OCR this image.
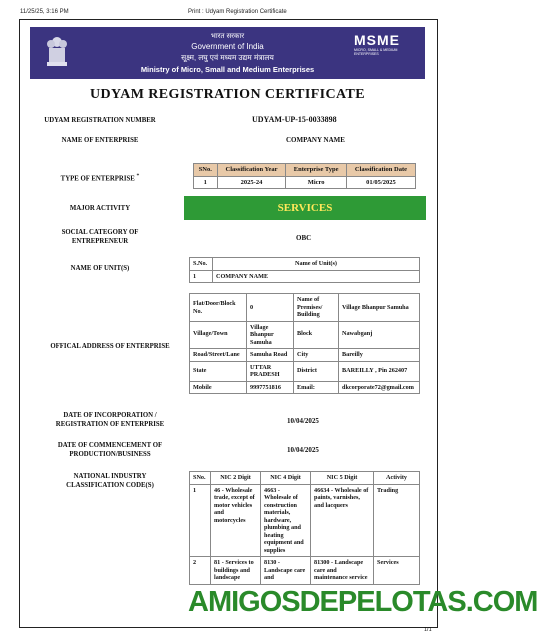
11/25/25, 3:16 PM	Print : Udyam Registration Certificate
भारत सरकार
Government of India
सूक्ष्म, लघु एवं मध्यम उद्यम मंत्रालय
Ministry of Micro, Small and Medium Enterprises
MSME
MICRO, SMALL & MEDIUM ENTERPRISES
UDYAM REGISTRATION CERTIFICATE
UDYAM REGISTRATION NUMBER	UDYAM-UP-15-0033898
NAME OF ENTERPRISE	COMPANY NAME
TYPE OF ENTERPRISE *
SNo.	Classification Year	Enterprise Type	Classification Date
1	2025-24	Micro	01/05/2025
MAJOR ACTIVITY	SERVICES
SOCIAL CATEGORY OF
ENTREPRENEUR	OBC
NAME OF UNIT(S)
S.No.	Name of Unit(s)
1	COMPANY NAME
OFFICAL ADDRESS OF ENTERPRISE
Flat/Door/Block No.	0	Name of Premises/ Building	Village Bhanpur Samuha
Village/Town	Village Bhanpur Samuha	Block	Nawabganj
Road/Street/Lane	Samuha Road	City	Bareilly
State	UTTAR PRADESH	District	BAREILLY , Pin 262407
Mobile	9997751816	Email:	dkcorporate72@gmail.com
DATE OF INCORPORATION /
REGISTRATION OF ENTERPRISE	10/04/2025
DATE OF COMMENCEMENT OF
PRODUCTION/BUSINESS
10/04/2025
NATIONAL INDUSTRY
CLASSIFICATION CODE(S)
SNo.	NIC 2 Digit	NIC 4 Digit	NIC 5 Digit	Activity
1	46 - Wholesale trade, except of motor vehicles and motorcycles	4663 - Wholesale of construction materials, hardware, plumbing and heating equipment and supplies	46634 - Wholesale of paints, varnishes, and lacquers	Trading
2	81 - Services to buildings and landscape	8130 - Landscape care and	81300 - Landscape care and maintenance service	Services
AMIGOSDEPELOTAS.COM
1/1
